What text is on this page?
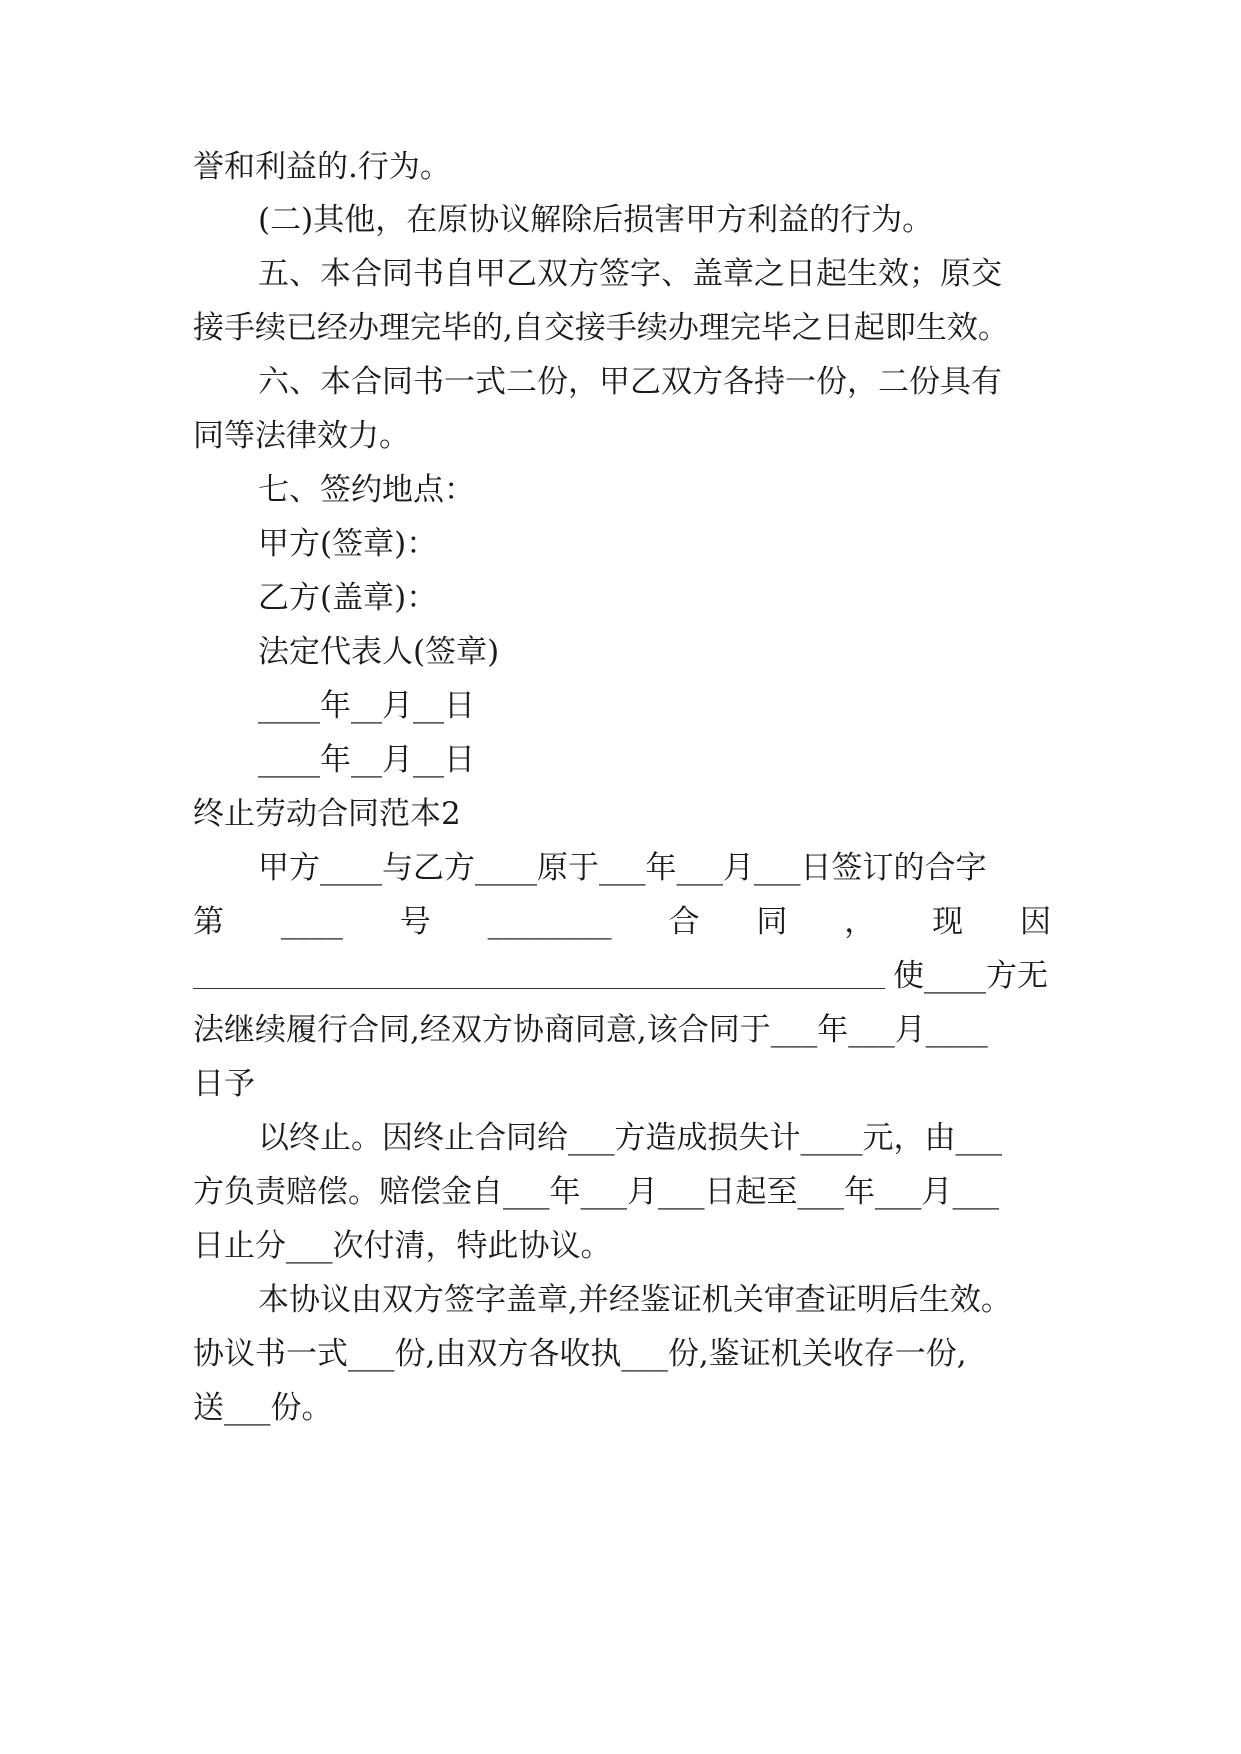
誉和利益的.行为。
(二)其他，在原协议解除后损害甲方利益的行为。
五、本合同书自甲乙双方签字、盖章之日起生效；原交
接手续已经办理完毕的,自交接手续办理完毕之日起即生效。
六、本合同书一式二份，甲乙双方各持一份，二份具有
同等法律效力。
七、签约地点：
甲方(签章)：
乙方(盖章)：
法定代表人(签章)
____年__月__日
____年__月__日
终止劳动合同范本2
甲方____与乙方____原于___年___月___日签订的合字
第 ____ 号 ________ 合 同 ， 现 因
使____方无
法继续履行合同,经双方协商同意,该合同于___年___月____
日予
以终止。因终止合同给___方造成损失计____元，由___
方负责赔偿。赔偿金自___年___月___日起至___年___月___
日止分___次付清，特此协议。
本协议由双方签字盖章,并经鉴证机关审查证明后生效。
协议书一式___份,由双方各收执___份,鉴证机关收存一份,
送___份。
